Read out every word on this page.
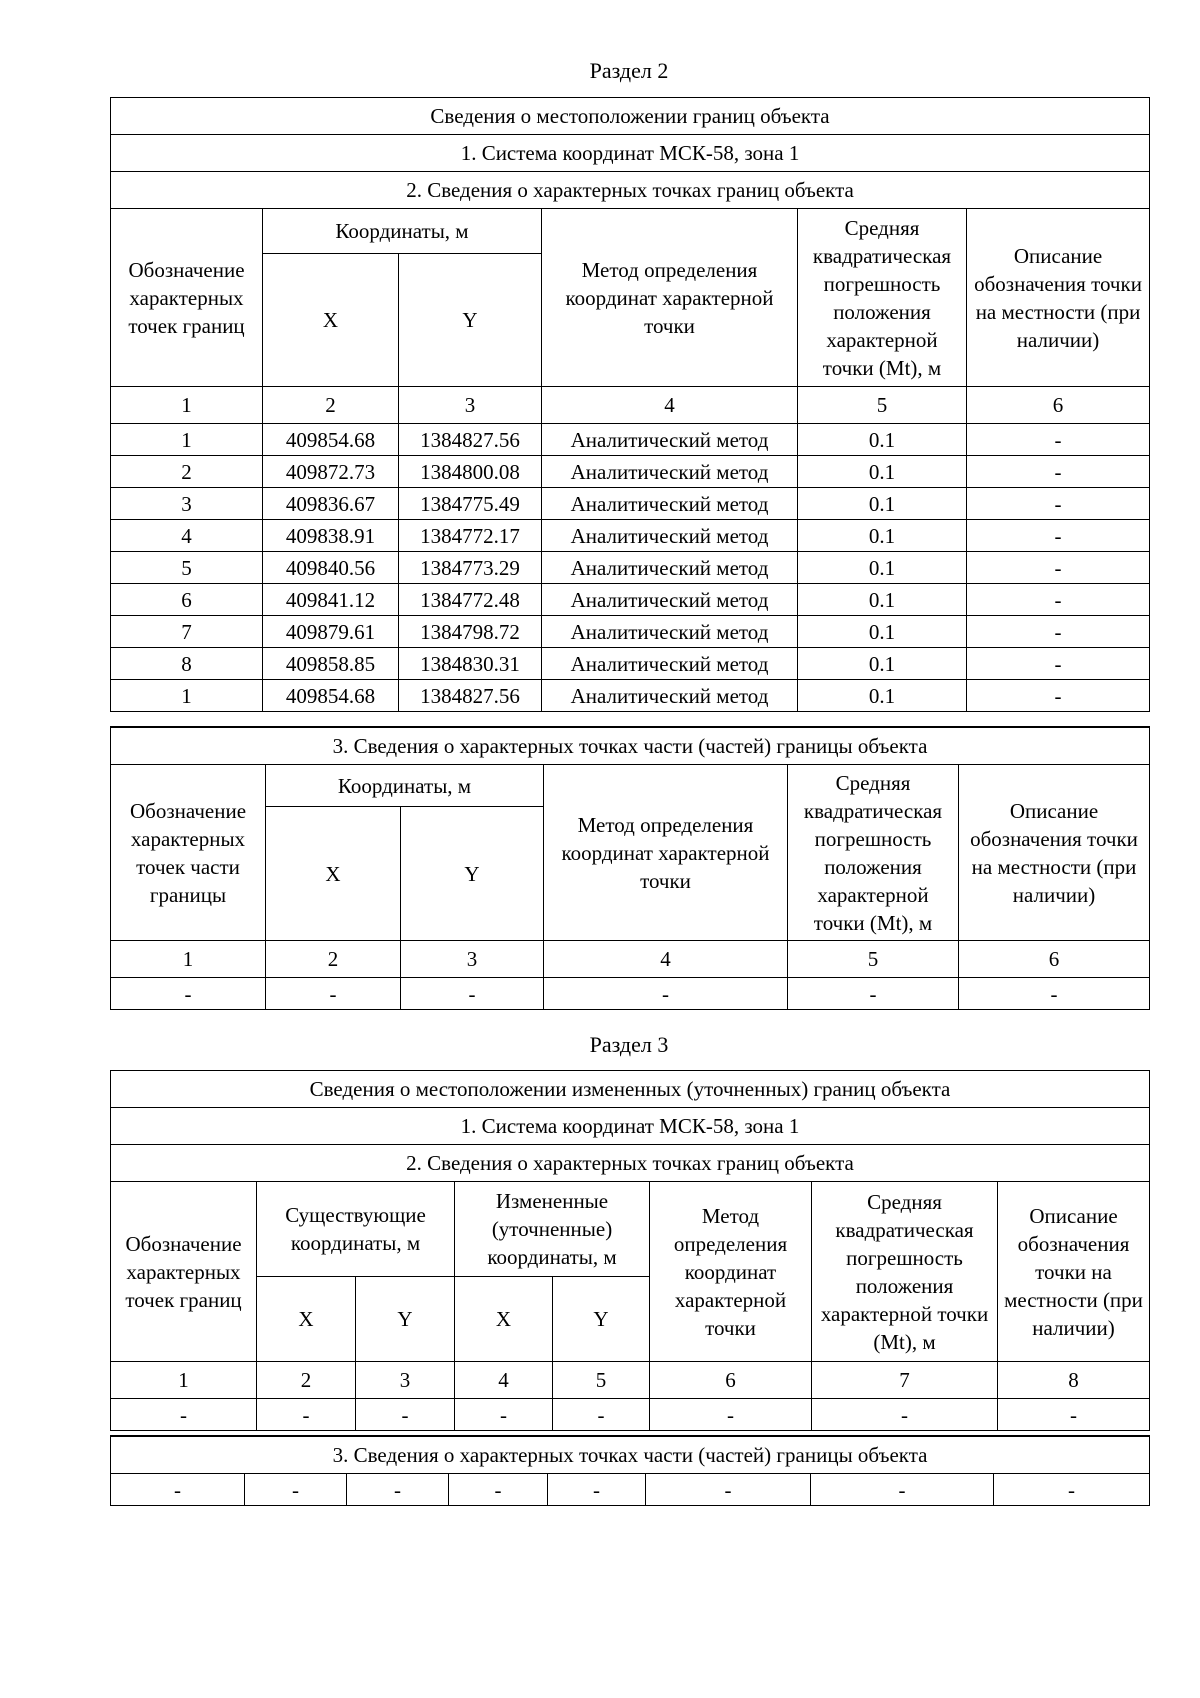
Раздел 2
Сведения о местоположении границ объекта					
1. Система координат МСК-58, зона 1					
2. Сведения о характерных точках границ объекта					
Обозначение характерных точек границ	Координаты, м		Метод определения координат характерной точки	Средняя квадратическая погрешность положения характерной точки (Mt), м	Описание обозначения точки на местности (при наличии)
	X	Y			
1	2	3	4	5	6
1	409854.68	1384827.56	Аналитический метод	0.1	-
2	409872.73	1384800.08	Аналитический метод	0.1	-
3	409836.67	1384775.49	Аналитический метод	0.1	-
4	409838.91	1384772.17	Аналитический метод	0.1	-
5	409840.56	1384773.29	Аналитический метод	0.1	-
6	409841.12	1384772.48	Аналитический метод	0.1	-
7	409879.61	1384798.72	Аналитический метод	0.1	-
8	409858.85	1384830.31	Аналитический метод	0.1	-
1	409854.68	1384827.56	Аналитический метод	0.1	-
3. Сведения о характерных точках части (частей) границы объекта					
Обозначение характерных точек части границы	Координаты, м		Метод определения координат характерной точки	Средняя квадратическая погрешность положения характерной точки (Mt), м	Описание обозначения точки на местности (при наличии)
	X	Y			
1	2	3	4	5	6
-	-	-	-	-	-
Раздел 3
Сведения о местоположении измененных (уточненных) границ объекта							
1. Система координат МСК-58, зона 1							
2. Сведения о характерных точках границ объекта							
Обозначение характерных точек границ	Существующие координаты, м		Измененные (уточненные) координаты, м		Метод определения координат характерной точки	Средняя квадратическая погрешность положения характерной точки (Mt), м	Описание обозначения точки на местности (при наличии)
	X	Y	X	Y			
1	2	3	4	5	6	7	8
-	-	-	-	-	-	-	-
3. Сведения о характерных точках части (частей) границы объекта
-	-	-	-	-	-	-	-
